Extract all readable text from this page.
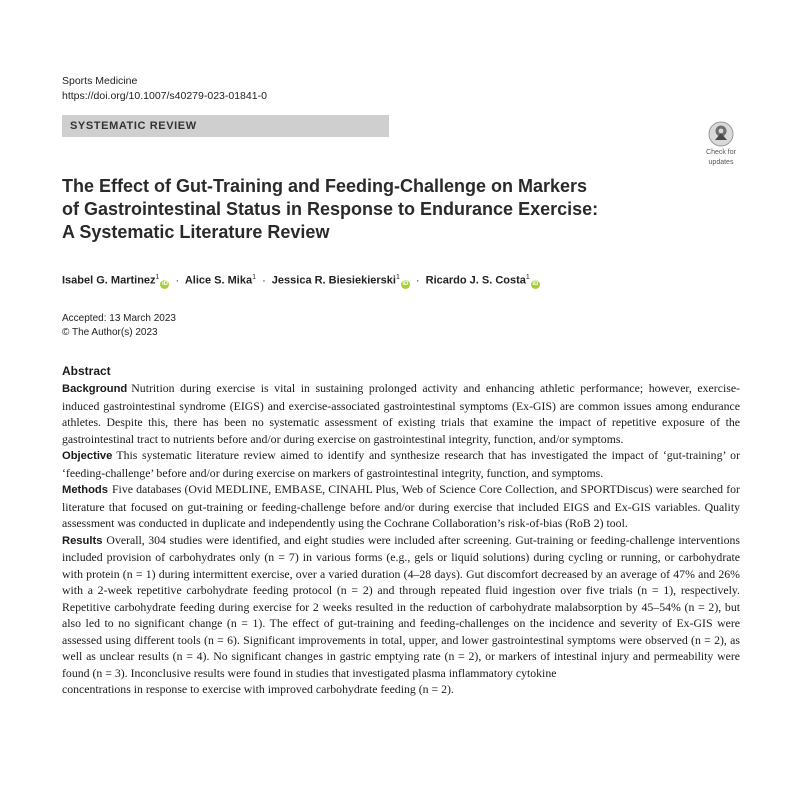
Sports Medicine
https://doi.org/10.1007/s40279-023-01841-0
SYSTEMATIC REVIEW
Check for
updates
The Effect of Gut-Training and Feeding-Challenge on Markers
of Gastrointestinal Status in Response to Endurance Exercise:
A Systematic Literature Review
Isabel G. Martinez$^1$iD · Alice S. Mika$^1$ · Jessica R. Biesiekierski$^1$iD · Ricardo J. S. Costa$^1$iD
Accepted: 13 March 2023
© The Author(s) 2023
Abstract

Background Nutrition during exercise is vital in sustaining prolonged activity and enhancing athletic performance; however, exercise-induced gastrointestinal syndrome (EIGS) and exercise-associated gastrointestinal symptoms (Ex-GIS) are common issues among endurance athletes. Despite this, there has been no systematic assessment of existing trials that examine the impact of repetitive exposure of the gastrointestinal tract to nutrients before and/or during exercise on gastrointestinal integrity, function, and/or symptoms.

Objective This systematic literature review aimed to identify and synthesize research that has investigated the impact of ‘gut-training’ or ‘feeding-challenge’ before and/or during exercise on markers of gastrointestinal integrity, function, and symptoms.

Methods Five databases (Ovid MEDLINE, EMBASE, CINAHL Plus, Web of Science Core Collection, and SPORTDiscus) were searched for literature that focused on gut-training or feeding-challenge before and/or during exercise that included EIGS and Ex-GIS variables. Quality assessment was conducted in duplicate and independently using the Cochrane Collaboration’s risk-of-bias (RoB 2) tool.

Results Overall, 304 studies were identified, and eight studies were included after screening. Gut-training or feeding-challenge interventions included provision of carbohydrates only (n = 7) in various forms (e.g., gels or liquid solutions) during cycling or running, or carbohydrate with protein (n = 1) during intermittent exercise, over a varied duration (4–28 days). Gut discomfort decreased by an average of 47% and 26% with a 2-week repetitive carbohydrate feeding protocol (n = 2) and through repeated fluid ingestion over five trials (n = 1), respectively. Repetitive carbohydrate feeding during exercise for 2 weeks resulted in the reduction of carbohydrate malabsorption by 45–54% (n = 2), but also led to no significant change (n = 1). The effect of gut-training and feeding-challenges on the incidence and severity of Ex-GIS were assessed using different tools (n = 6). Significant improvements in total, upper, and lower gastrointestinal symptoms were observed (n = 2), as well as unclear results (n = 4). No significant changes in gastric emptying rate (n = 2), or markers of intestinal injury and permeability were found (n = 3). Inconclusive results were found in studies that investigated plasma inflammatory cytokine

concentrations in response to exercise with improved carbohydrate feeding (n = 2).
